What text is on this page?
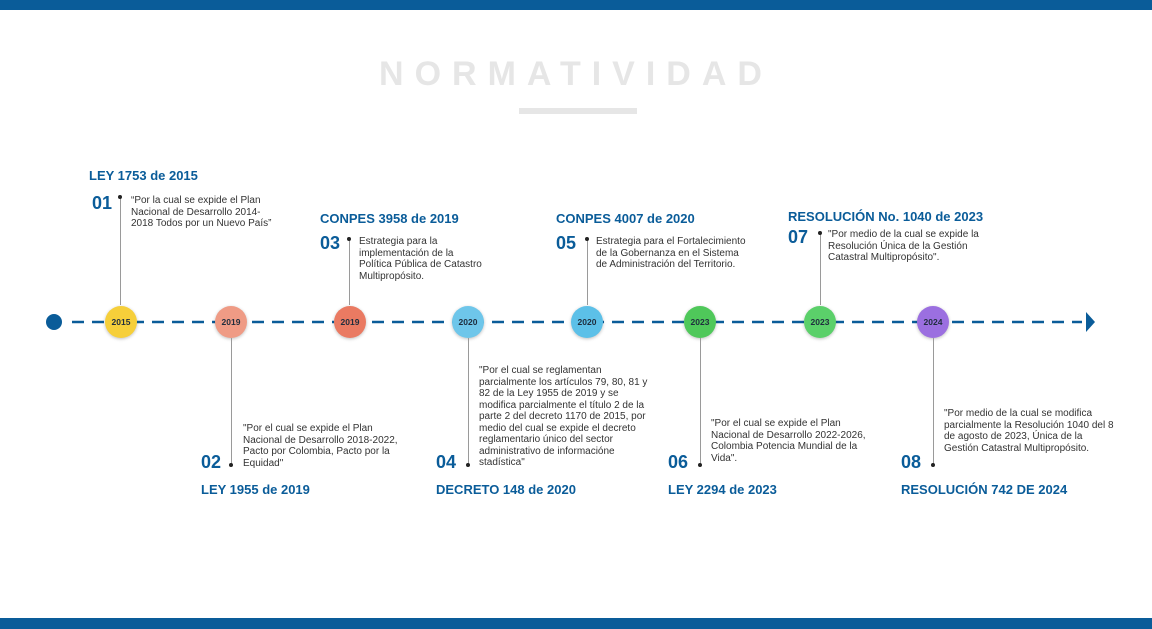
NORMATIVIDAD
LEY 1753 de 2015
01 “Por la cual se expide el Plan Nacional de Desarrollo 2014-2018 Todos por un Nuevo País”
2015	2019
"Por el cual se expide el Plan Nacional de Desarrollo 2018-2022, Pacto por Colombia, Pacto por la Equidad"
02
LEY 1955 de 2019
CONPES 3958 de 2019
03 Estrategia para la implementación de la Política Pública de Catastro Multipropósito.
2019	2020
"Por el cual se reglamentan parcialmente los artículos 79, 80, 81 y 82 de la Ley 1955 de 2019 y se modifica parcialmente el título 2 de la parte 2 del decreto 1170 de 2015, por medio del cual se expide el decreto reglamentario único del sector administrativo de informacióne stadística"
04
DECRETO 148 de 2020
CONPES 4007 de 2020
05 Estrategia para el Fortalecimiento de la Gobernanza en el Sistema de Administración del Territorio.
2020	2023
"Por el cual se expide el Plan Nacional de Desarrollo 2022-2026, Colombia Potencia Mundial de la Vida".
06
LEY 2294 de 2023
RESOLUCIÓN No. 1040 de 2023
07 "Por medio de la cual se expide la Resolución Única de la Gestión Catastral Multipropósito".
2023	2024
"Por medio de la cual se modifica parcialmente la Resolución 1040 del 8 de agosto de 2023, Única de la Gestión Catastral Multipropósito.
08
RESOLUCIÓN 742 DE 2024
